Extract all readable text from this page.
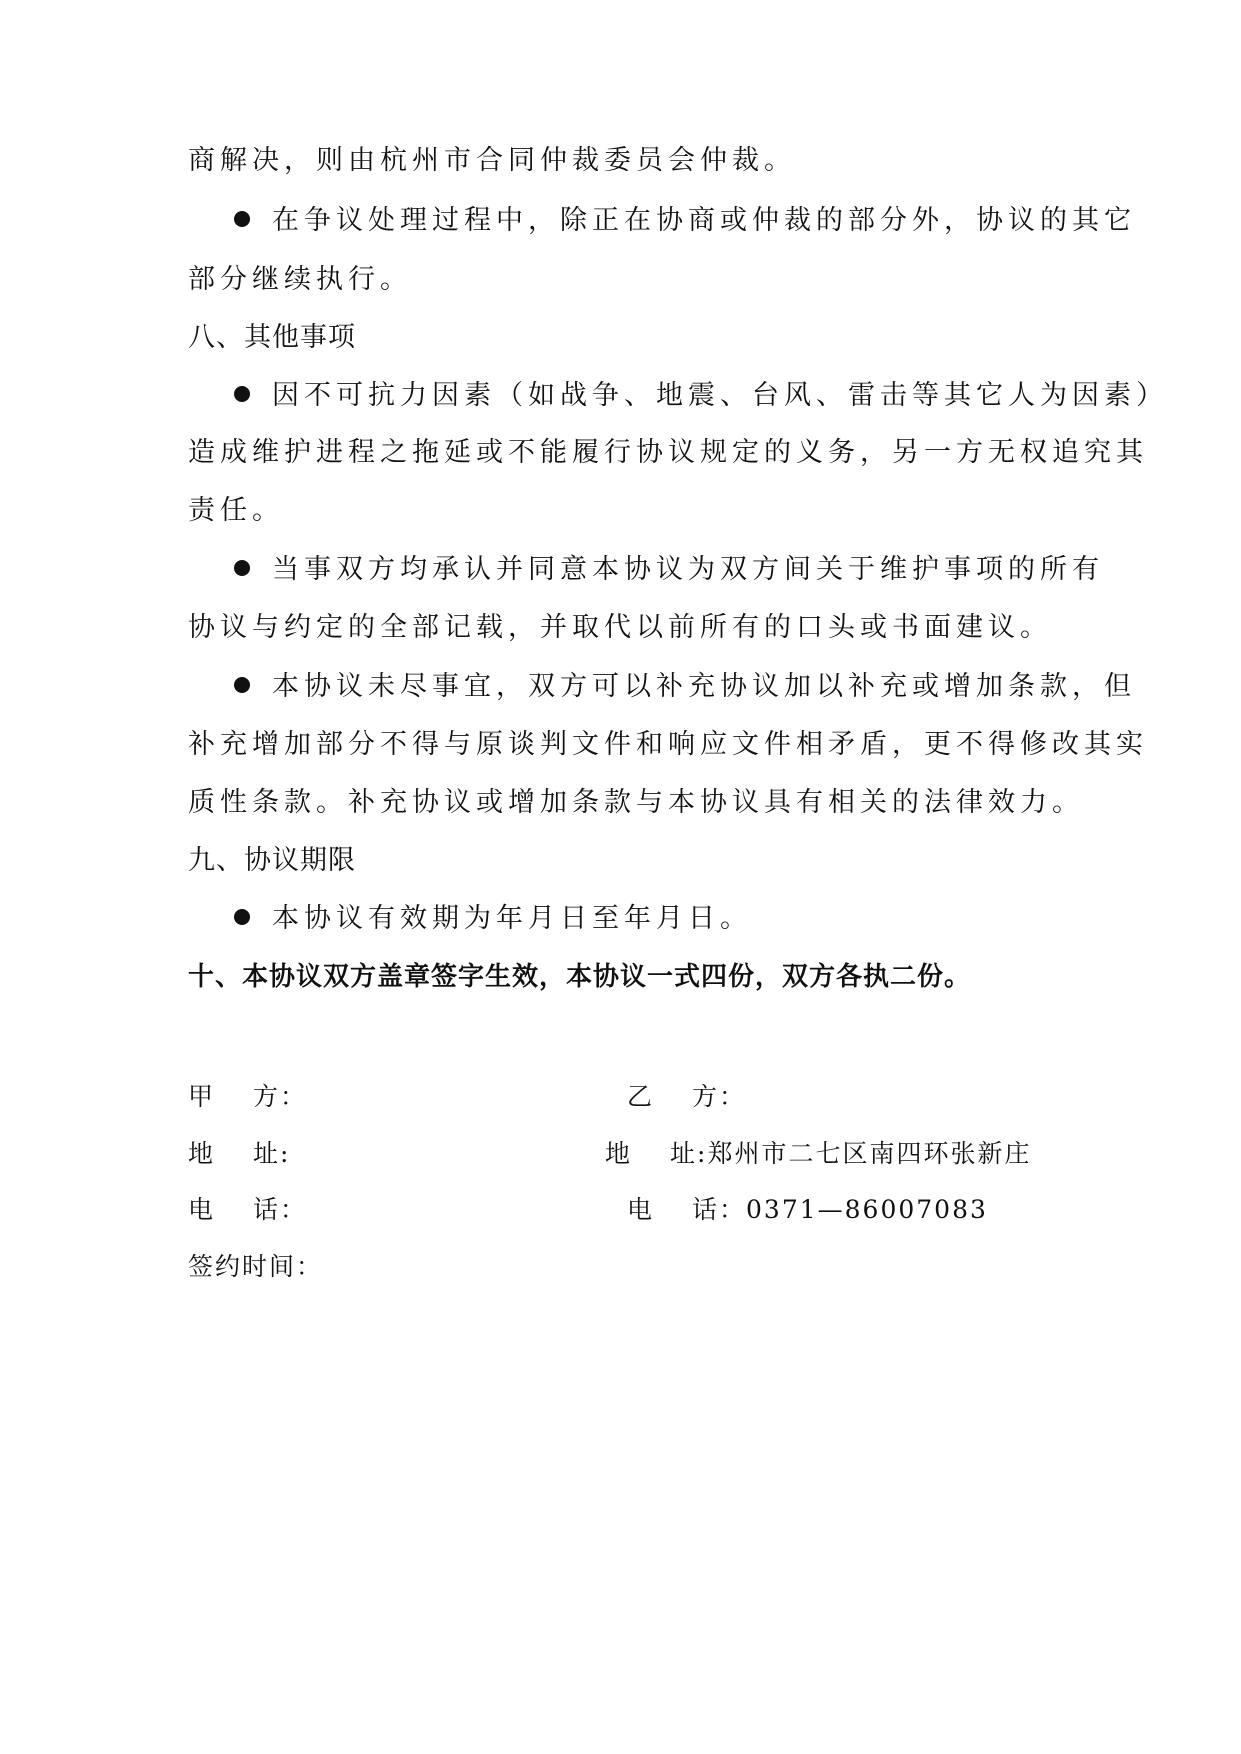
商解决，则由杭州市合同仲裁委员会仲裁。
在争议处理过程中，除正在协商或仲裁的部分外，协议的其它
部分继续执行。
八、其他事项
因不可抗力因素（如战争、地震、台风、雷击等其它人为因素）
造成维护进程之拖延或不能履行协议规定的义务，另一方无权追究其
责任。
当事双方均承认并同意本协议为双方间关于维护事项的所有
协议与约定的全部记载，并取代以前所有的口头或书面建议。
本协议未尽事宜，双方可以补充协议加以补充或增加条款，但
补充增加部分不得与原谈判文件和响应文件相矛盾，更不得修改其实
质性条款。补充协议或增加条款与本协议具有相关的法律效力。
九、协议期限
本协议有效期为年月日至年月日。
十、本协议双方盖章签字生效，本协议一式四份，双方各执二份。
甲 方：	乙 方：
地 址:	地 址:郑州市二七区南四环张新庄
电 话：	电 话：0371—86007083
签约时间：
